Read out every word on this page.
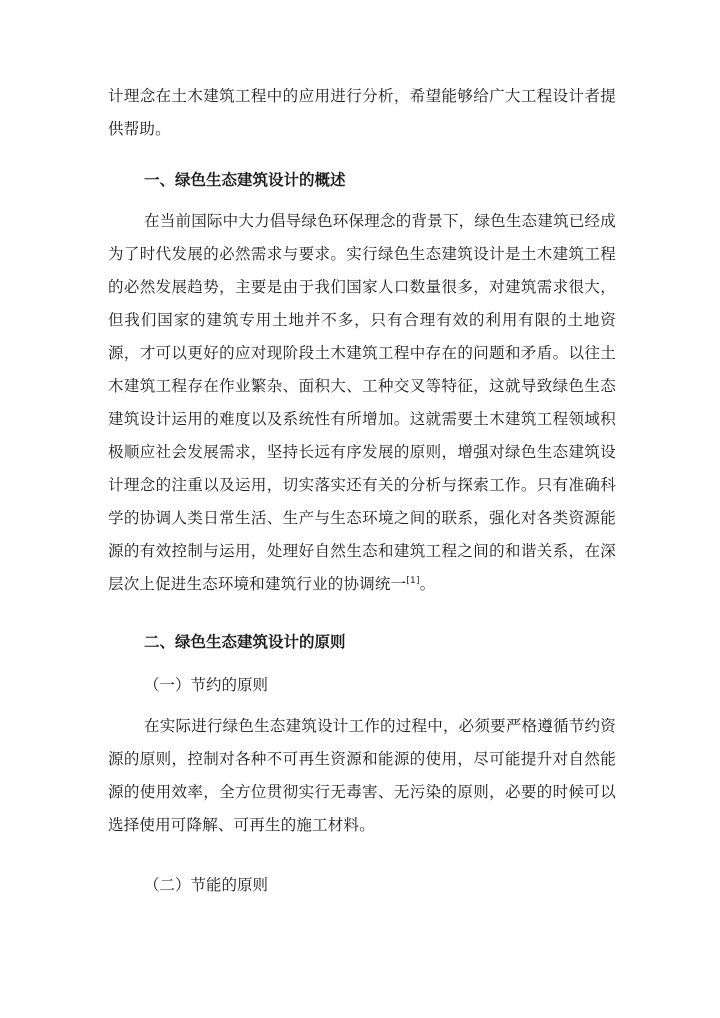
计理念在土木建筑工程中的应用进行分析，希望能够给广大工程设计者提供帮助。

一、绿色生态建筑设计的概述

在当前国际中大力倡导绿色环保理念的背景下，绿色生态建筑已经成为了时代发展的必然需求与要求。实行绿色生态建筑设计是土木建筑工程的必然发展趋势，主要是由于我们国家人口数量很多，对建筑需求很大，但我们国家的建筑专用土地并不多，只有合理有效的利用有限的土地资源，才可以更好的应对现阶段土木建筑工程中存在的问题和矛盾。以往土木建筑工程存在作业繁杂、面积大、工种交叉等特征，这就导致绿色生态建筑设计运用的难度以及系统性有所增加。这就需要土木建筑工程领域积极顺应社会发展需求，坚持长远有序发展的原则，增强对绿色生态建筑设计理念的注重以及运用，切实落实还有关的分析与探索工作。只有准确科学的协调人类日常生活、生产与生态环境之间的联系，强化对各类资源能源的有效控制与运用，处理好自然生态和建筑工程之间的和谐关系，在深层次上促进生态环境和建筑行业的协调统一[1]。

二、绿色生态建筑设计的原则

（一）节约的原则

在实际进行绿色生态建筑设计工作的过程中，必须要严格遵循节约资源的原则，控制对各种不可再生资源和能源的使用，尽可能提升对自然能源的使用效率，全方位贯彻实行无毒害、无污染的原则，必要的时候可以选择使用可降解、可再生的施工材料。

（二）节能的原则
